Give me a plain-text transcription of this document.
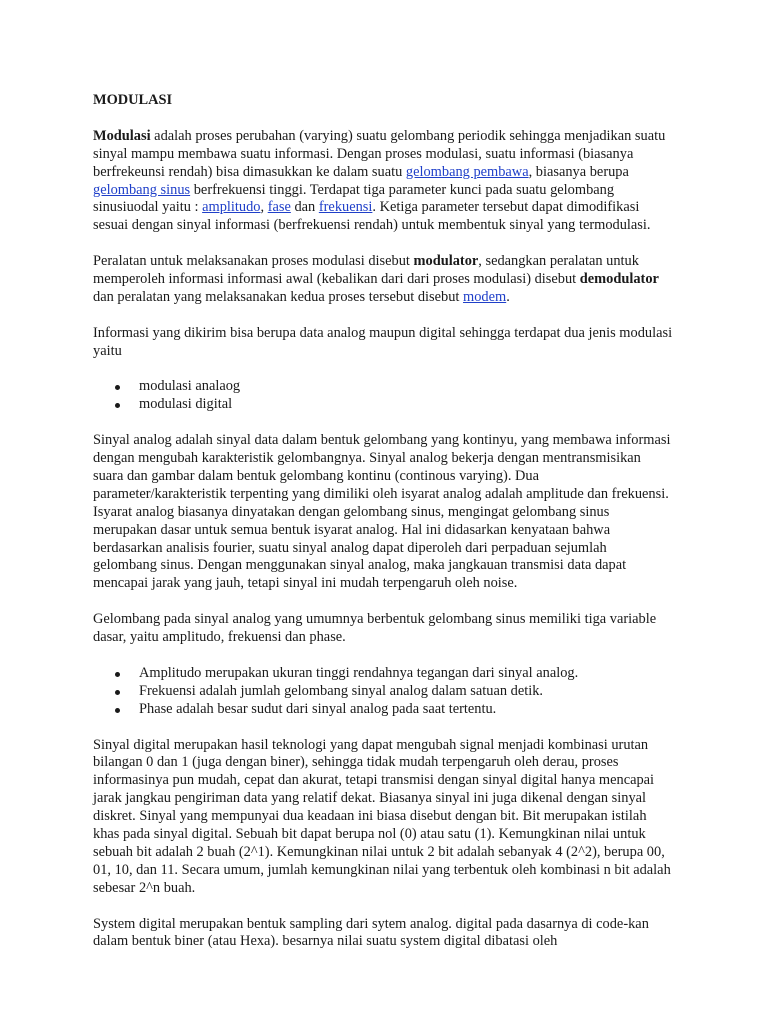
MODULASI

Modulasi adalah proses perubahan (varying) suatu gelombang periodik sehingga menjadikan suatu sinyal mampu membawa suatu informasi. Dengan proses modulasi, suatu informasi (biasanya berfrekeunsi rendah) bisa dimasukkan ke dalam suatu gelombang pembawa, biasanya berupa gelombang sinus berfrekuensi tinggi. Terdapat tiga parameter kunci pada suatu gelombang sinusiuodal yaitu : amplitudo, fase dan frekuensi. Ketiga parameter tersebut dapat dimodifikasi sesuai dengan sinyal informasi (berfrekuensi rendah) untuk membentuk sinyal yang termodulasi.

Peralatan untuk melaksanakan proses modulasi disebut modulator, sedangkan peralatan untuk memperoleh informasi informasi awal (kebalikan dari dari proses modulasi) disebut demodulator dan peralatan yang melaksanakan kedua proses tersebut disebut modem.

Informasi yang dikirim bisa berupa data analog maupun digital sehingga terdapat dua jenis modulasi yaitu

modulasi analaog
modulasi digital

Sinyal analog adalah sinyal data dalam bentuk gelombang yang kontinyu, yang membawa informasi dengan mengubah karakteristik gelombangnya. Sinyal analog bekerja dengan mentransmisikan suara dan gambar dalam bentuk gelombang kontinu (continous varying). Dua parameter/karakteristik terpenting yang dimiliki oleh isyarat analog adalah amplitude dan frekuensi. Isyarat analog biasanya dinyatakan dengan gelombang sinus, mengingat gelombang sinus merupakan dasar untuk semua bentuk isyarat analog. Hal ini didasarkan kenyataan bahwa berdasarkan analisis fourier, suatu sinyal analog dapat diperoleh dari perpaduan sejumlah gelombang sinus. Dengan menggunakan sinyal analog, maka jangkauan transmisi data dapat mencapai jarak yang jauh, tetapi sinyal ini mudah terpengaruh oleh noise.

Gelombang pada sinyal analog yang umumnya berbentuk gelombang sinus memiliki tiga variable dasar, yaitu amplitudo, frekuensi dan phase.

Amplitudo merupakan ukuran tinggi rendahnya tegangan dari sinyal analog.
Frekuensi adalah jumlah gelombang sinyal analog dalam satuan detik.
Phase adalah besar sudut dari sinyal analog pada saat tertentu.

Sinyal digital merupakan hasil teknologi yang dapat mengubah signal menjadi kombinasi urutan bilangan 0 dan 1 (juga dengan biner), sehingga tidak mudah terpengaruh oleh derau, proses informasinya pun mudah, cepat dan akurat, tetapi transmisi dengan sinyal digital hanya mencapai jarak jangkau pengiriman data yang relatif dekat. Biasanya sinyal ini juga dikenal dengan sinyal diskret. Sinyal yang mempunyai dua keadaan ini biasa disebut dengan bit. Bit merupakan istilah khas pada sinyal digital. Sebuah bit dapat berupa nol (0) atau satu (1). Kemungkinan nilai untuk sebuah bit adalah 2 buah (2^1). Kemungkinan nilai untuk 2 bit adalah sebanyak 4 (2^2), berupa 00, 01, 10, dan 11. Secara umum, jumlah kemungkinan nilai yang terbentuk oleh kombinasi n bit adalah sebesar 2^n buah.

System digital merupakan bentuk sampling dari sytem analog. digital pada dasarnya di code-kan dalam bentuk biner (atau Hexa). besarnya nilai suatu system digital dibatasi oleh
